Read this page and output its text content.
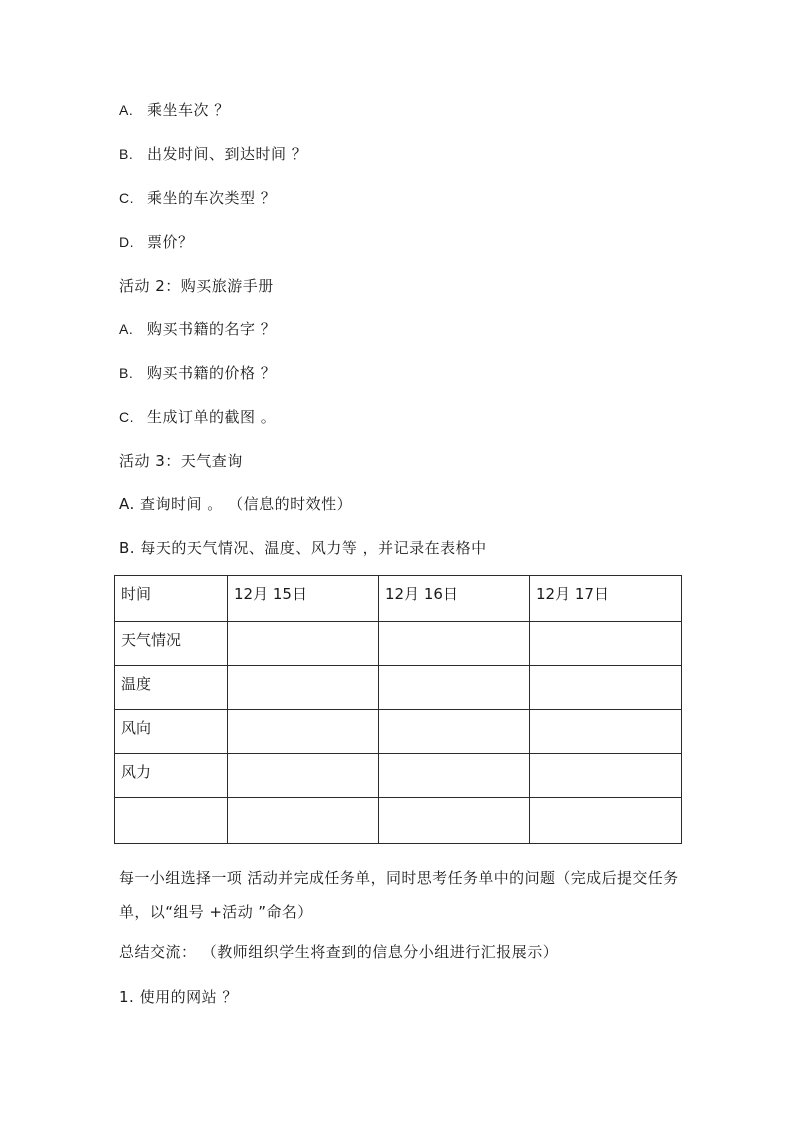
A. 乘坐车次 ？
B. 出发时间、到达时间 ？
C. 乘坐的车次类型 ？
D. 票价？
活动 2：购买旅游手册
A. 购买书籍的名字 ？
B. 购买书籍的价格 ？
C. 生成订单的截图 。
活动 3：天气查询
A. 查询时间 。 （信息的时效性）
B. 每天的天气情况、温度、风力等 ，并记录在表格中
时间	12月 15日	12月 16日	12月 17日
天气情况			
温度			
风向			
风力			

每一小组选择一项 活动并完成任务单，同时思考任务单中的问题（完成后提交任务单，以“组号 +活动 ”命名）
总结交流： （教师组织学生将查到的信息分小组进行汇报展示）
1. 使用的网站 ？
